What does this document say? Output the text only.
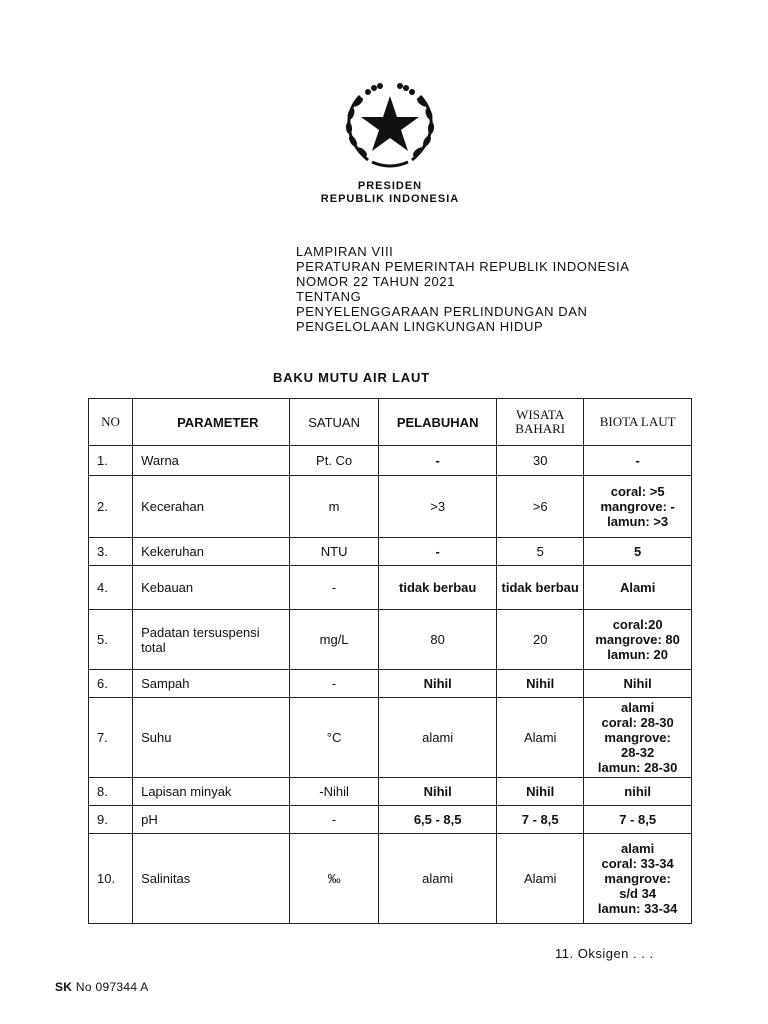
PRESIDEN
REPUBLIK INDONESIA
LAMPIRAN VIII
PERATURAN PEMERINTAH REPUBLIK INDONESIA
NOMOR 22 TAHUN 2021
TENTANG
PENYELENGGARAAN PERLINDUNGAN DAN
PENGELOLAAN LINGKUNGAN HIDUP
BAKU MUTU AIR LAUT
NO	PARAMETER	SATUAN	PELABUHAN	WISATA BAHARI	BIOTA LAUT
1.	Warna	Pt. Co	-	30	-

2.	Kecerahan	m	>3	>6	coral: >5
mangrove: -
lamun: >3

3.	Kekeruhan	NTU	-	5	5

4.	Kebauan	-	tidak berbau	tidak berbau	Alami

5.	Padatan tersuspensi total	mg/L	80	20	coral:20
mangrove: 80
lamun: 20

6.	Sampah	-	Nihil	Nihil	Nihil

7.	Suhu	°C	alami	Alami	alami
coral: 28-30
mangrove:
28-32
lamun: 28-30

8.	Lapisan minyak	-Nihil	Nihil	Nihil	nihil

9.	pH	-	6,5 - 8,5	7 - 8,5	7 - 8,5

10.	Salinitas	‰	alami	Alami	alami
coral: 33-34
mangrove:
s/d 34
lamun: 33-34
11. Oksigen . . .
SK No 097344 A
